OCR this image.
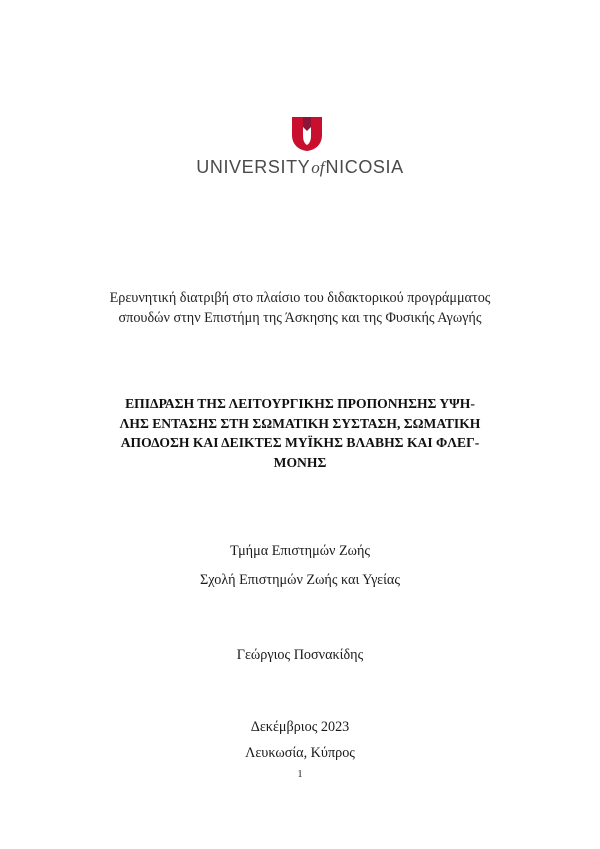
UNIVERSITYofNICOSIA
Ερευνητική διατριβή στο πλαίσιο του διδακτορικού προγράμματος
σπουδών στην Επιστήμη της Άσκησης και της Φυσικής Αγωγής
ΕΠΙΔΡΑΣΗ ΤΗΣ ΛΕΙΤΟΥΡΓΙΚΗΣ ΠΡΟΠΟΝΗΣΗΣ ΥΨΗ-
ΛΗΣ ΕΝΤΑΣΗΣ ΣΤΗ ΣΩΜΑΤΙΚΗ ΣΥΣΤΑΣΗ, ΣΩΜΑΤΙΚΗ
ΑΠΟΔΟΣΗ ΚΑΙ ΔΕΙΚΤΕΣ ΜΥΪΚΗΣ ΒΛΑΒΗΣ ΚΑΙ ΦΛΕΓ-
ΜΟΝΗΣ
Τμήμα Επιστημών Ζωής
Σχολή Επιστημών Ζωής και Υγείας
Γεώργιος Ποσνακίδης
Δεκέμβριος 2023
Λευκωσία, Κύπρος
1
